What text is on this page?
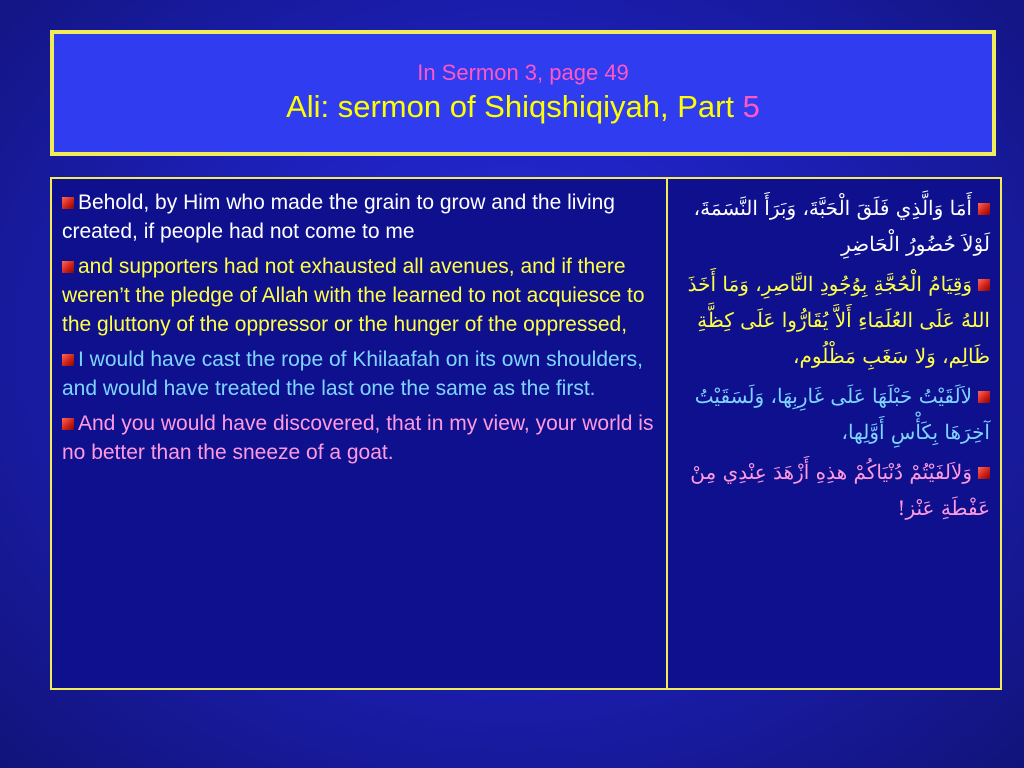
In Sermon 3, page 49
Ali: sermon of Shiqshiqiyah, Part 5

Behold, by Him who made the grain to grow and the living created, if people had not come to me

and supporters had not exhausted all avenues, and if there weren’t the pledge of Allah with the learned to not acquiesce to the gluttony of the oppressor or the hunger of the oppressed,

I would have cast the rope of Khilaafah on its own shoulders, and would have treated the last one the same as the first.

And you would have discovered, that in my view, your world is no better than the sneeze of a goat.

أَمَا وَالَّذِي فَلَقَ الْحَبَّةَ، وَبَرَأَ النَّسَمَةَ، لَوْلاَ حُضُورُ الْحَاضِرِ

وَقِيَامُ الْحُجَّةِ بِوُجُودِ النَّاصِرِ، وَمَا أَخَذَ اللهُ عَلَى العُلَمَاءِ أَلاَّ يُقَارُّوا عَلَى كِظَّةِ ظَالِم، وَلا سَغَبِ مَظْلُوم،

لاَلَقَيْتُ حَبْلَهَا عَلَى غَارِبِهَا، وَلَسَقَيْتُ آخِرَهَا بِكَأْسِ أَوَّلِها،

وَلاَلفَيْتُمْ دُنْيَاكُمْ هذِهِ أَزْهَدَ عِنْدِي مِنْ عَفْطَةِ عَنْز!
